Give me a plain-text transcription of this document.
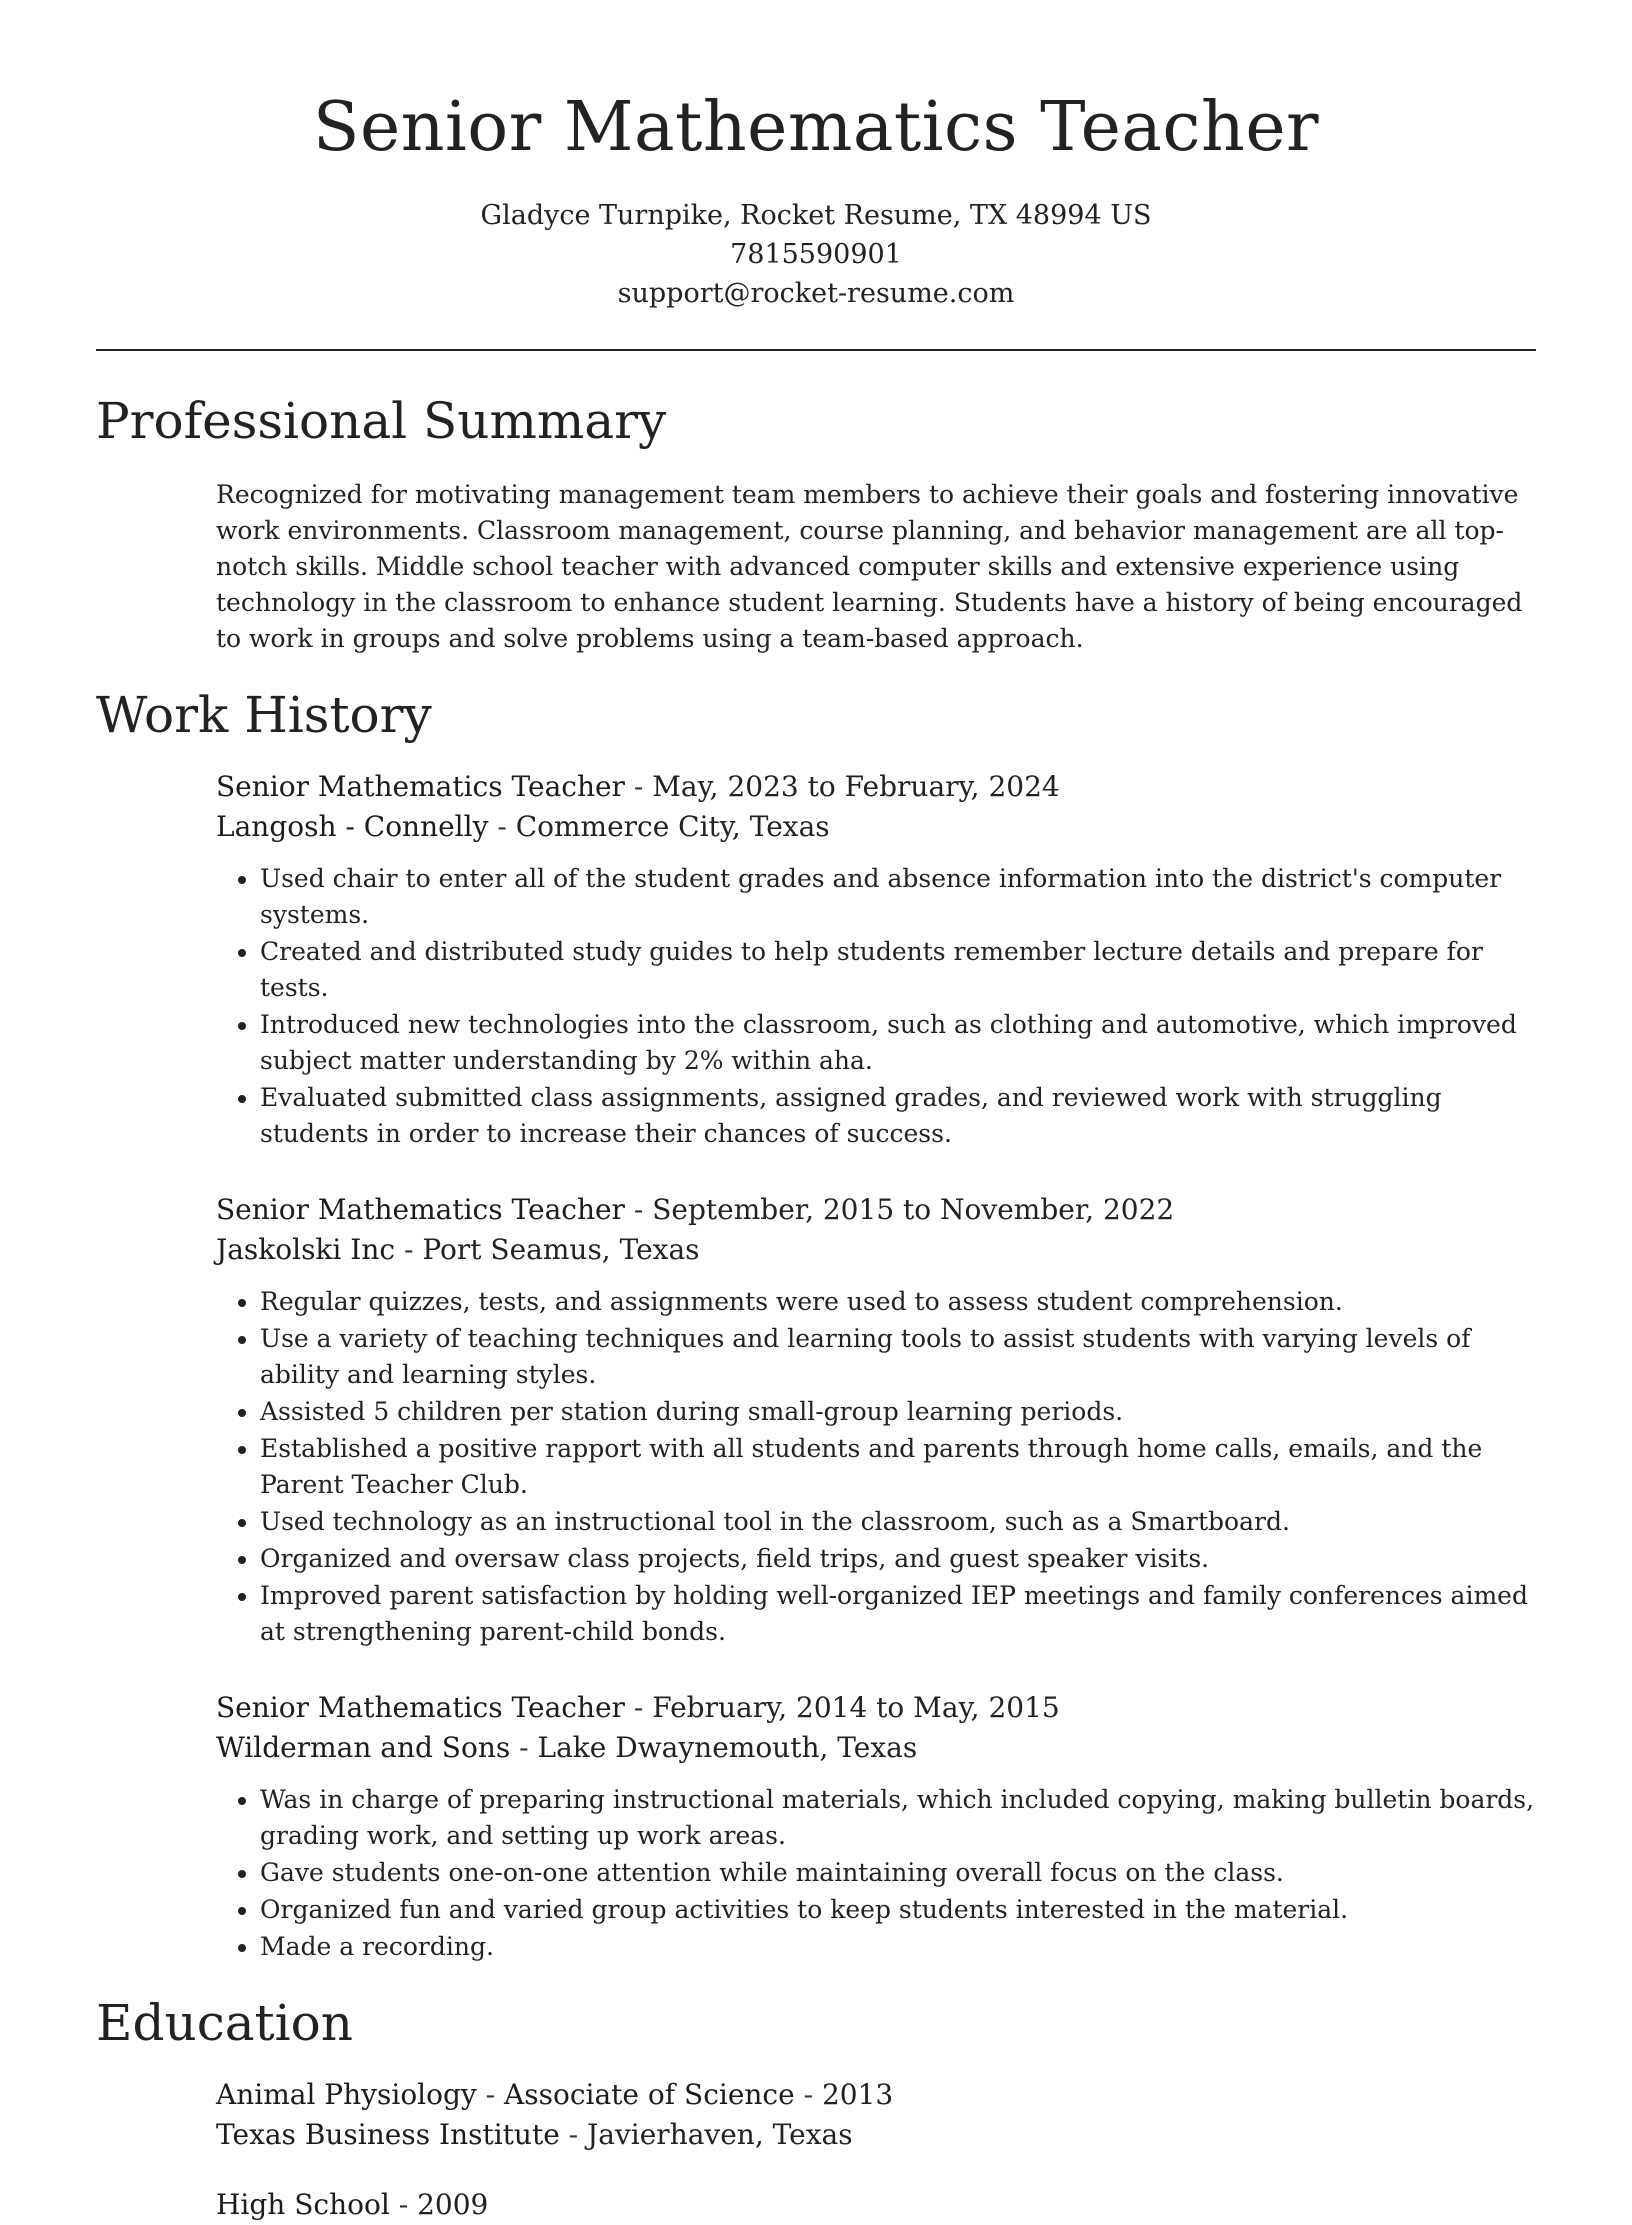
Senior Mathematics Teacher
Gladyce Turnpike, Rocket Resume, TX 48994 US
7815590901
support@rocket-resume.com
Professional Summary

Recognized for motivating management team members to achieve their goals and fostering innovative work environments. Classroom management, course planning, and behavior management are all top-notch skills. Middle school teacher with advanced computer skills and extensive experience using technology in the classroom to enhance student learning. Students have a history of being encouraged to work in groups and solve problems using a team-based approach.

Work History
Senior Mathematics Teacher - May, 2023 to February, 2024
Langosh - Connelly - Commerce City, Texas
• Used chair to enter all of the student grades and absence information into the district's computer systems.
• Created and distributed study guides to help students remember lecture details and prepare for tests.
• Introduced new technologies into the classroom, such as clothing and automotive, which improved subject matter understanding by 2% within aha.
• Evaluated submitted class assignments, assigned grades, and reviewed work with struggling students in order to increase their chances of success.
Senior Mathematics Teacher - September, 2015 to November, 2022
Jaskolski Inc - Port Seamus, Texas
• Regular quizzes, tests, and assignments were used to assess student comprehension.
• Use a variety of teaching techniques and learning tools to assist students with varying levels of ability and learning styles.
• Assisted 5 children per station during small-group learning periods.
• Established a positive rapport with all students and parents through home calls, emails, and the Parent Teacher Club.
• Used technology as an instructional tool in the classroom, such as a Smartboard.
• Organized and oversaw class projects, field trips, and guest speaker visits.
• Improved parent satisfaction by holding well-organized IEP meetings and family conferences aimed at strengthening parent-child bonds.
Senior Mathematics Teacher - February, 2014 to May, 2015
Wilderman and Sons - Lake Dwaynemouth, Texas
• Was in charge of preparing instructional materials, which included copying, making bulletin boards, grading work, and setting up work areas.
• Gave students one-on-one attention while maintaining overall focus on the class.
• Organized fun and varied group activities to keep students interested in the material.
• Made a recording.
Education
Animal Physiology - Associate of Science - 2013
Texas Business Institute - Javierhaven, Texas
High School - 2009
